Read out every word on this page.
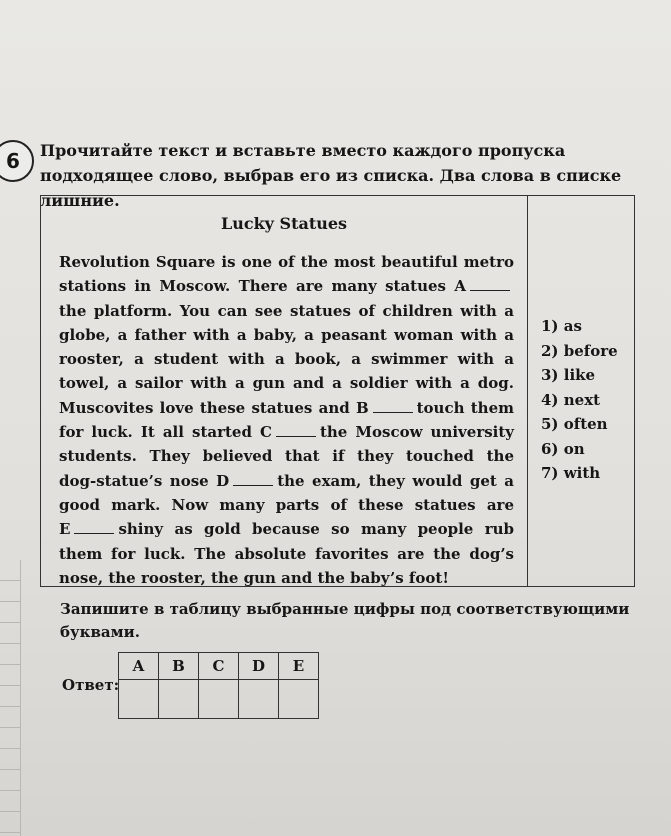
6	Прочитайте текст и вставьте вместо каждого пропуска подходящее слово, выбрав его из списка. Два слова в списке лишние.
Lucky Statues
Revolution Square is one of the most beautiful metro
stations in Moscow. There are many statues A
the platform. You can see statues of children with a
globe, a father with a baby, a peasant woman with a
rooster, a student with a book, a swimmer with a
towel, a sailor with a gun and a soldier with a dog.
Muscovites love these statues and B	touch them
for luck. It all started C	the Moscow university
students. They believed that if they touched the
dog-statue’s nose D	the exam, they would get a
good mark. Now many parts of these statues are
E	shiny as gold because so many people rub
them for luck. The absolute favorites are the dog’s
nose, the rooster, the gun and the baby’s foot!
1) as
2) before
3) like
4) next
5) often
6) on
7) with
Запишите в таблицу выбранные цифры под соответствующими буквами.
Ответ:
A	B	C	D	E
